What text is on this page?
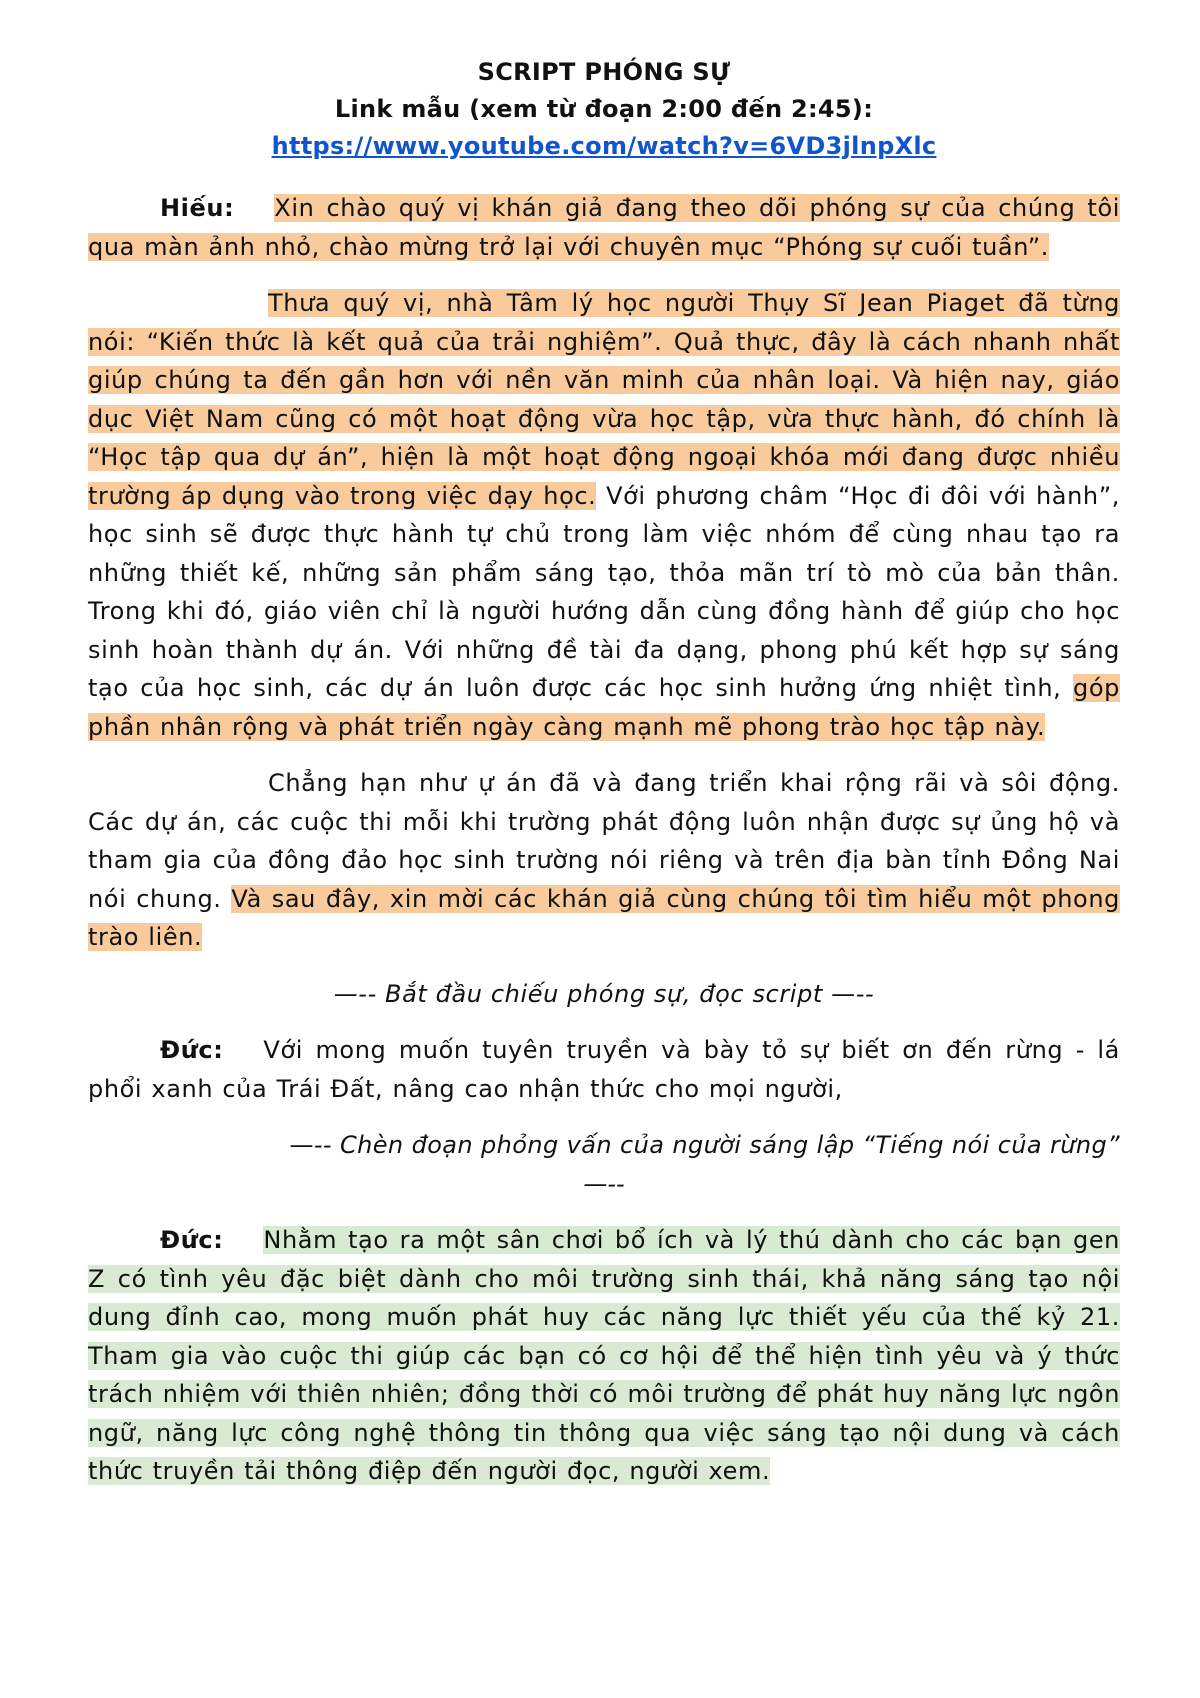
SCRIPT PHÓNG SỰ

Link mẫu (xem từ đoạn 2:00 đến 2:45):

https://www.youtube.com/watch?v=6VD3jlnpXlc

Hiếu: Xin chào quý vị khán giả đang theo dõi phóng sự của chúng tôi qua màn ảnh nhỏ, chào mừng trở lại với chuyên mục “Phóng sự cuối tuần”.

Thưa quý vị, nhà Tâm lý học người Thụy Sĩ Jean Piaget đã từng nói: “Kiến thức là kết quả của trải nghiệm”. Quả thực, đây là cách nhanh nhất giúp chúng ta đến gần hơn với nền văn minh của nhân loại. Và hiện nay, giáo dục Việt Nam cũng có một hoạt động vừa học tập, vừa thực hành, đó chính là “Học tập qua dự án”, hiện là một hoạt động ngoại khóa mới đang được nhiều trường áp dụng vào trong việc dạy học. Với phương châm “Học đi đôi với hành”, học sinh sẽ được thực hành tự chủ trong làm việc nhóm để cùng nhau tạo ra những thiết kế, những sản phẩm sáng tạo, thỏa mãn trí tò mò của bản thân. Trong khi đó, giáo viên chỉ là người hướng dẫn cùng đồng hành để giúp cho học sinh hoàn thành dự án. Với những đề tài đa dạng, phong phú kết hợp sự sáng tạo của học sinh, các dự án luôn được các học sinh hưởng ứng nhiệt tình, góp phần nhân rộng và phát triển ngày càng mạnh mẽ phong trào học tập này.

Chẳng hạn như ự án đã và đang triển khai rộng rãi và sôi động. Các dự án, các cuộc thi mỗi khi trường phát động luôn nhận được sự ủng hộ và tham gia của đông đảo học sinh trường nói riêng và trên địa bàn tỉnh Đồng Nai nói chung. Và sau đây, xin mời các khán giả cùng chúng tôi tìm hiểu một phong trào liên.

—-- Bắt đầu chiếu phóng sự, đọc script —--

Đức: Với mong muốn tuyên truyền và bày tỏ sự biết ơn đến rừng - lá phổi xanh của Trái Đất, nâng cao nhận thức cho mọi người,

—-- Chèn đoạn phỏng vấn của người sáng lập “Tiếng nói của rừng”

—--

Đức: Nhằm tạo ra một sân chơi bổ ích và lý thú dành cho các bạn gen Z có tình yêu đặc biệt dành cho môi trường sinh thái, khả năng sáng tạo nội dung đỉnh cao, mong muốn phát huy các năng lực thiết yếu của thế kỷ 21. Tham gia vào cuộc thi giúp các bạn có cơ hội để thể hiện tình yêu và ý thức trách nhiệm với thiên nhiên; đồng thời có môi trường để phát huy năng lực ngôn ngữ, năng lực công nghệ thông tin thông qua việc sáng tạo nội dung và cách thức truyền tải thông điệp đến người đọc, người xem.
